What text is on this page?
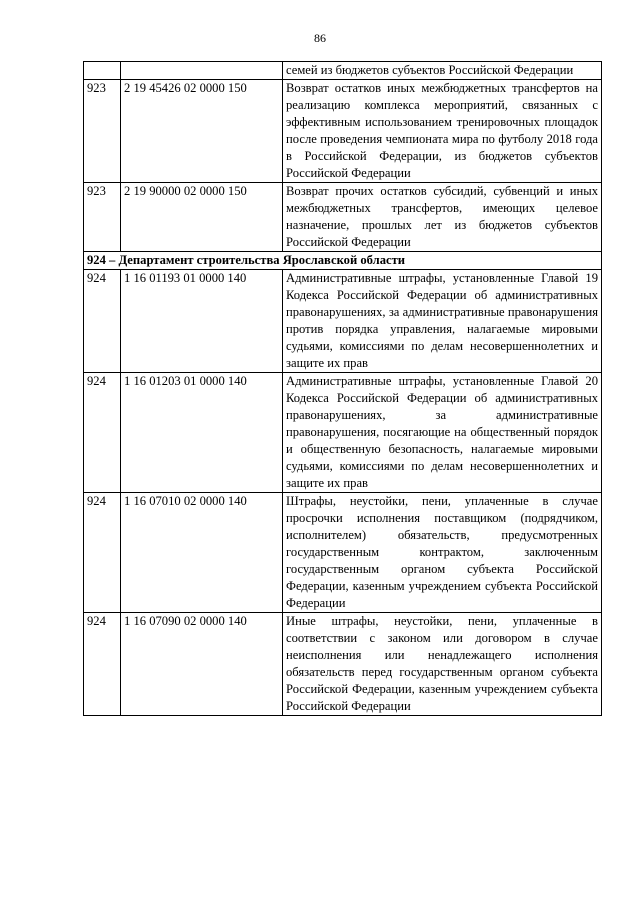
86
		семей из бюджетов субъектов Российской Федерации
923	2 19 45426 02 0000 150	Возврат остатков иных межбюджетных трансфертов на реализацию комплекса мероприятий, связанных с эффективным использованием тренировочных площадок после проведения чемпионата мира по футболу 2018 года в Российской Федерации, из бюджетов субъектов Российской Федерации
923	2 19 90000 02 0000 150	Возврат прочих остатков субсидий, субвенций и иных межбюджетных трансфертов, имеющих целевое назначение, прошлых лет из бюджетов субъектов Российской Федерации
924 – Департамент строительства Ярославской области		
924	1 16 01193 01 0000 140	Административные штрафы, установленные Главой 19 Кодекса Российской Федерации об административных правонарушениях, за административные правонарушения против порядка управления, налагаемые мировыми судьями, комиссиями по делам несовершеннолетних и защите их прав
924	1 16 01203 01 0000 140	Административные штрафы, установленные Главой 20 Кодекса Российской Федерации об административных правонарушениях, за административные правонарушения, посягающие на общественный порядок и общественную безопасность, налагаемые мировыми судьями, комиссиями по делам несовершеннолетних и защите их прав
924	1 16 07010 02 0000 140	Штрафы, неустойки, пени, уплаченные в случае просрочки исполнения поставщиком (подрядчиком, исполнителем) обязательств, предусмотренных государственным контрактом, заключенным государственным органом субъекта Российской Федерации, казенным учреждением субъекта Российской Федерации
924	1 16 07090 02 0000 140	Иные штрафы, неустойки, пени, уплаченные в соответствии с законом или договором в случае неисполнения или ненадлежащего исполнения обязательств перед государственным органом субъекта Российской Федерации, казенным учреждением субъекта Российской Федерации
